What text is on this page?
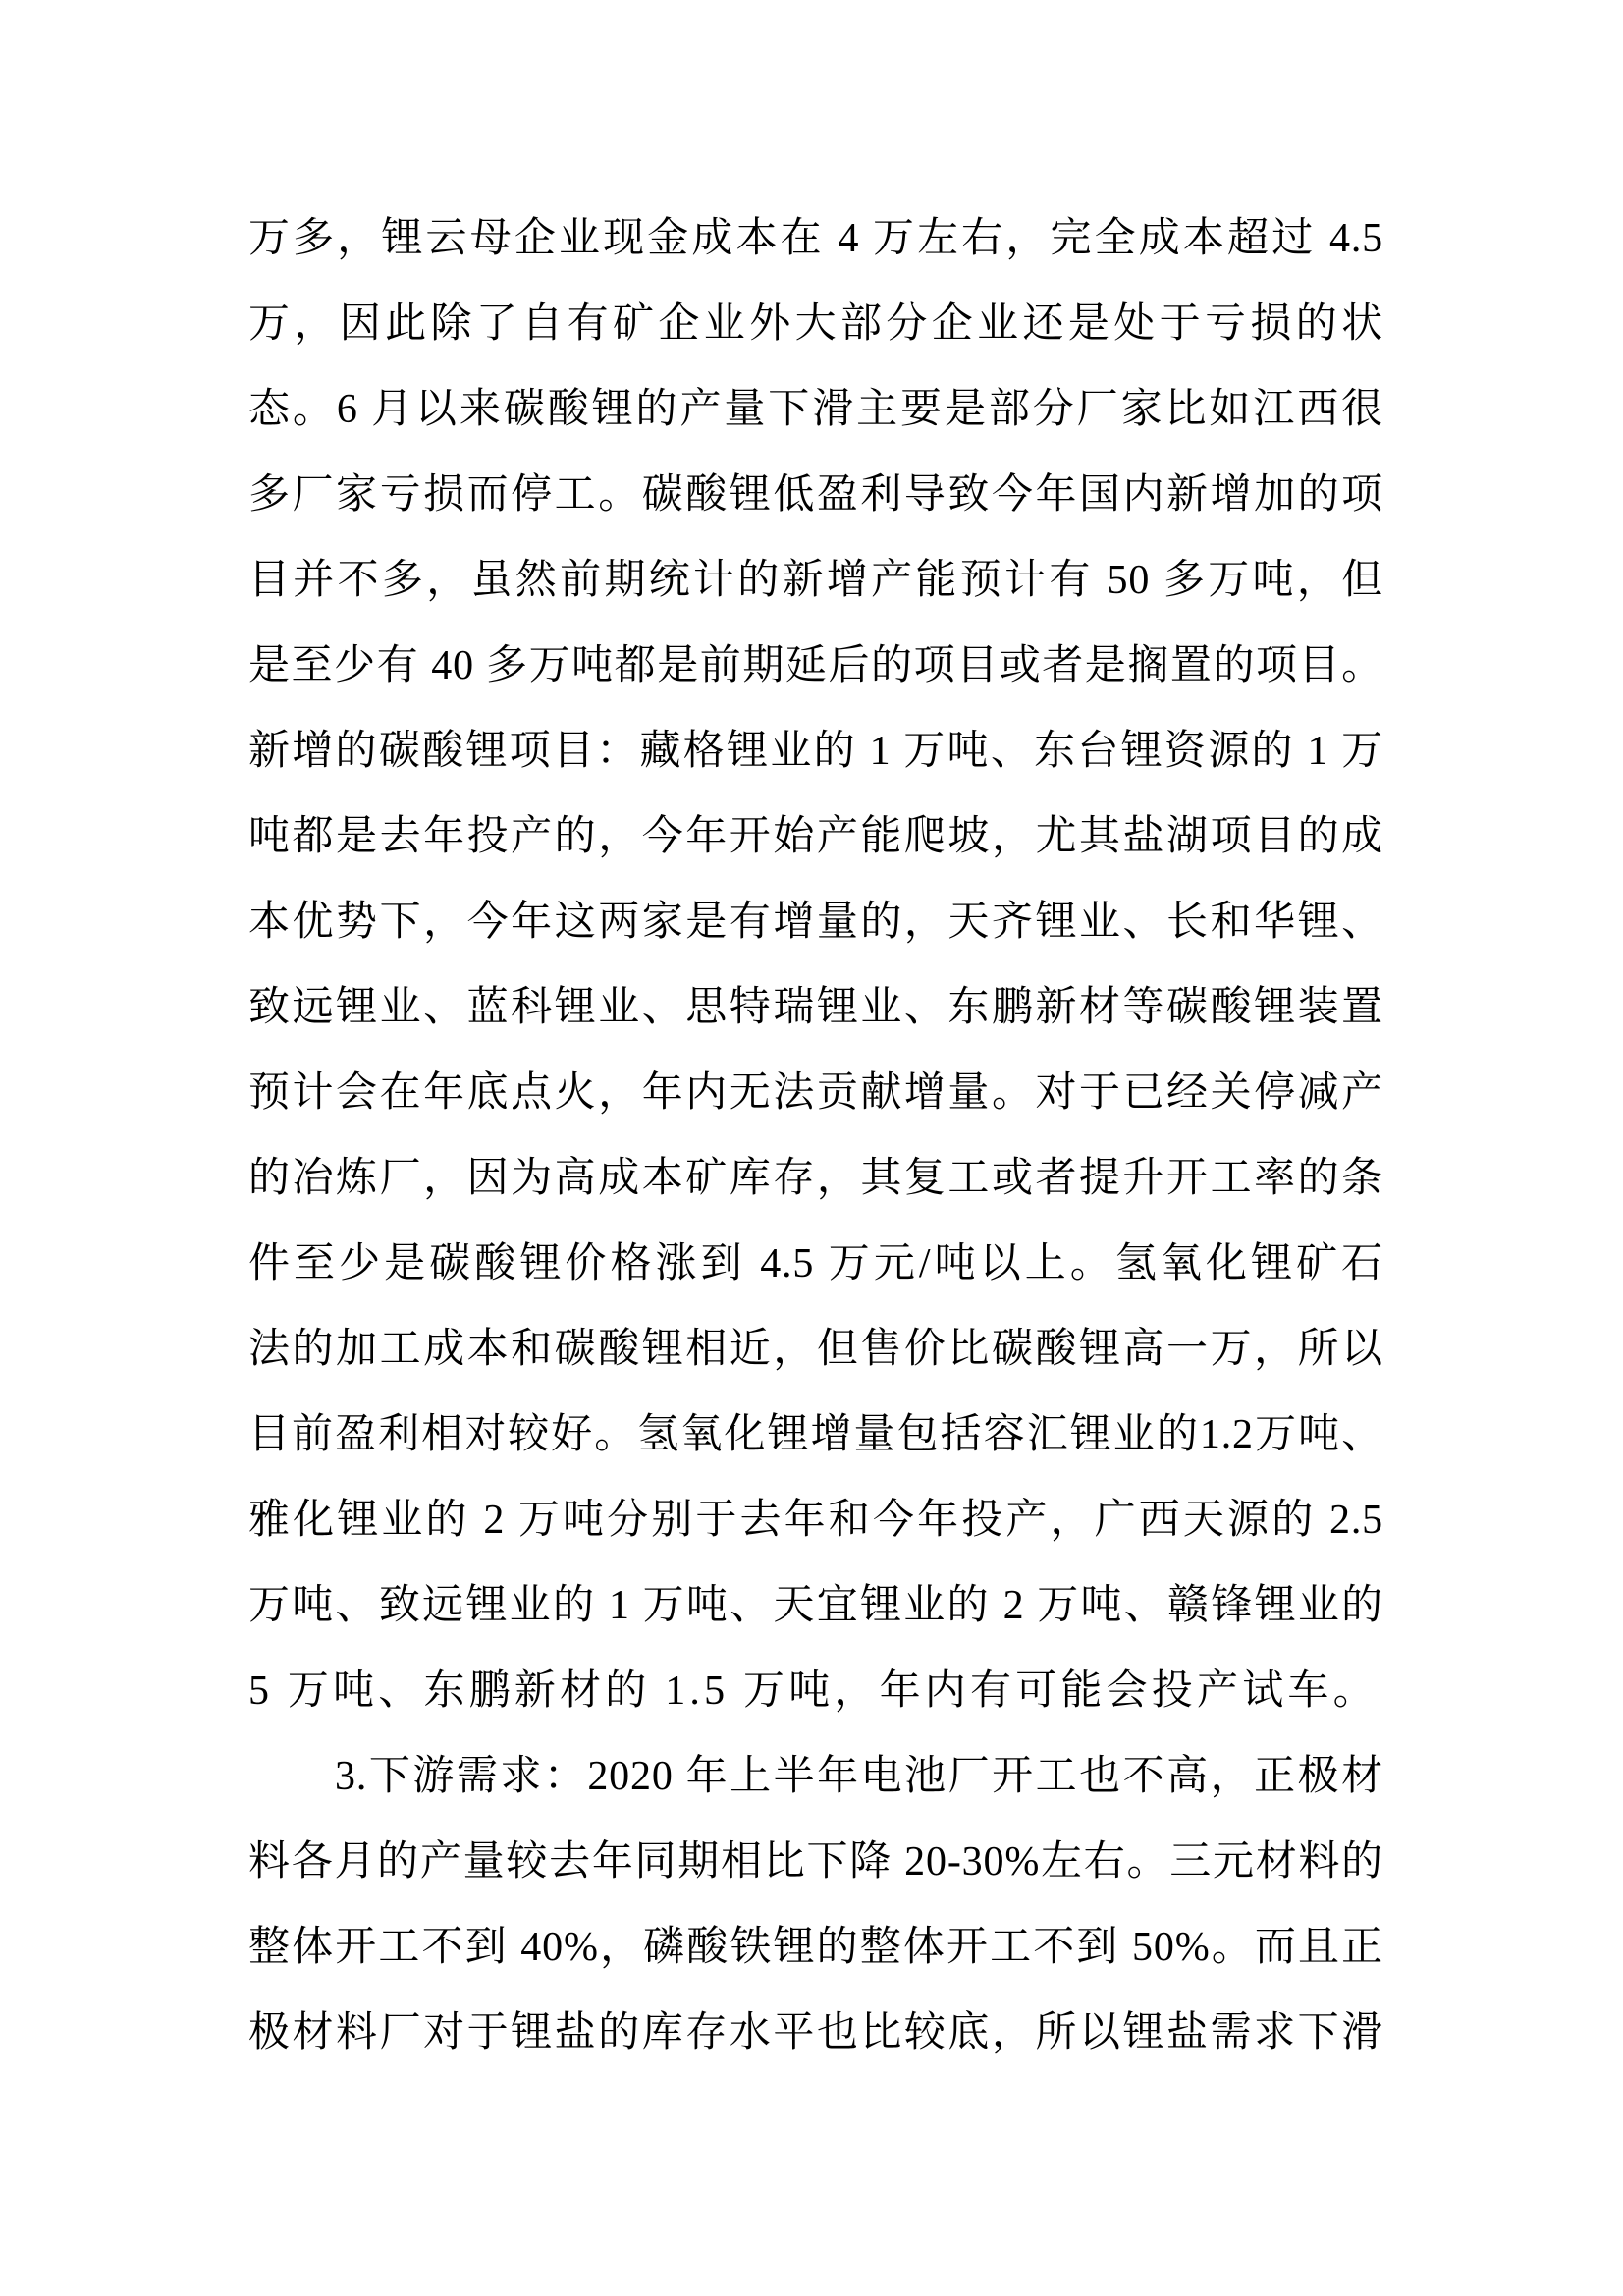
万多，锂云母企业现金成本在 4 万左右，完全成本超过 4.5

万，因此除了自有矿企业外大部分企业还是处于亏损的状

态。6 月以来碳酸锂的产量下滑主要是部分厂家比如江西很

多厂家亏损而停工。碳酸锂低盈利导致今年国内新增加的项

目并不多，虽然前期统计的新增产能预计有 50 多万吨，但

是至少有 40 多万吨都是前期延后的项目或者是搁置的项目。

新增的碳酸锂项目：藏格锂业的 1 万吨、东台锂资源的 1 万

吨都是去年投产的，今年开始产能爬坡，尤其盐湖项目的成

本优势下，今年这两家是有增量的，天齐锂业、长和华锂、

致远锂业、蓝科锂业、思特瑞锂业、东鹏新材等碳酸锂装置

预计会在年底点火，年内无法贡献增量。对于已经关停减产

的冶炼厂，因为高成本矿库存，其复工或者提升开工率的条

件至少是碳酸锂价格涨到 4.5 万元/吨以上。氢氧化锂矿石

法的加工成本和碳酸锂相近，但售价比碳酸锂高一万，所以

目前盈利相对较好。氢氧化锂增量包括容汇锂业的1.2万吨、

雅化锂业的 2 万吨分别于去年和今年投产，广西天源的 2.5

万吨、致远锂业的 1 万吨、天宜锂业的 2 万吨、赣锋锂业的

5 万吨、东鹏新材的 1.5 万吨，年内有可能会投产试车。

3.下游需求：2020 年上半年电池厂开工也不高，正极材

料各月的产量较去年同期相比下降 20-30%左右。三元材料的

整体开工不到 40%，磷酸铁锂的整体开工不到 50%。而且正

极材料厂对于锂盐的库存水平也比较底，所以锂盐需求下滑
